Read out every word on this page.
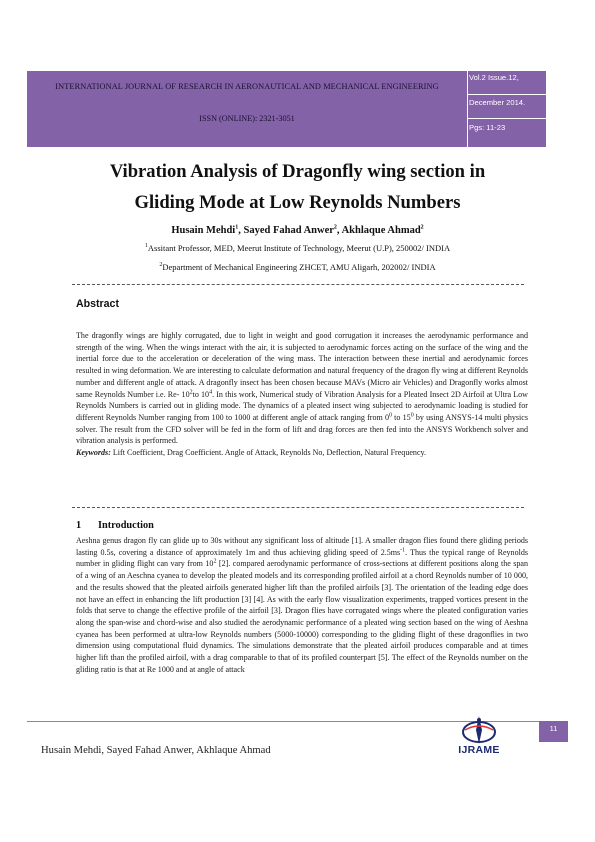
INTERNATIONAL JOURNAL OF RESEARCH IN AERONAUTICAL AND MECHANICAL ENGINEERING
ISSN (ONLINE): 2321-3051
Vol.2 Issue.12,
December 2014.
Pgs: 11-23
Vibration Analysis of Dragonfly wing section in
Gliding Mode at Low Reynolds Numbers
Husain Mehdi$^1$, Sayed Fahad Anwer$^2$, Akhlaque Ahmad$^2$
$^1$Assitant Professor, MED, Meerut Institute of Technology, Meerut (U.P), 250002/ INDIA
$^2$Department of Mechanical Engineering ZHCET, AMU Aligarh, 202002/ INDIA
Abstract

The dragonfly wings are highly corrugated, due to light in weight and good corrugation it increases the aerodynamic performance and strength of the wing. When the wings interact with the air, it is subjected to aerodynamic forces acting on the surface of the wing and the inertial force due to the acceleration or deceleration of the wing mass. The interaction between these inertial and aerodynamic forces resulted in wing deformation. We are interesting to calculate deformation and natural frequency of the dragon fly wing at different Reynolds number and different angle of attack. A dragonfly insect has been chosen because MAVs (Micro air Vehicles) and Dragonfly works almost same Reynolds Number i.e. Re- $10^2to$ $10^4$. In this work, Numerical study of Vibration Analysis for a Pleated Insect 2D Airfoil at Ultra Low Reynolds Numbers is carried out in gliding mode. The dynamics of a pleated insect wing subjected to aerodynamic loading is studied for different Reynolds Number ranging from 100 to 1000 at different angle of attack ranging from $0^0$ to $15^0$ by using ANSYS-14 multi physics solver. The result from the CFD solver will be fed in the form of lift and drag forces are then fed into the ANSYS Workbench solver and vibration analysis is performed.

Keywords: Lift Coefficient, Drag Coefficient. Angle of Attack, Reynolds No, Deflection, Natural Frequency.

1 Introduction

Aeshna genus dragon fly can glide up to 30s without any significant loss of altitude [1]. A smaller dragon flies found there gliding periods lasting 0.5s, covering a distance of approximately 1m and thus achieving gliding speed of $2.5ms^{-1}$. Thus the typical range of Reynolds number in gliding flight can vary from $10^2$ [2]. compared aerodynamic performance of cross-sections at different positions along the span of a wing of an Aeschna cyanea to develop the pleated models and its corresponding profiled airfoil at a chord Reynolds number of 10 000, and the results showed that the pleated airfoils generated higher lift than the profiled airfoils [3]. The orientation of the leading edge does not have an effect in enhancing the lift production [3] [4]. As with the early flow visualization experiments, trapped vortices present in the folds that serve to change the effective profile of the airfoil [3]. Dragon flies have corrugated wings where the pleated configuration varies along the span-wise and chord-wise and also studied the aerodynamic performance of a pleated wing section based on the wing of Aeshna cyanea has been performed at ultra-low Reynolds numbers (5000-10000) corresponding to the gliding flight of these dragonflies in two dimension using computational fluid dynamics. The simulations demonstrate that the pleated airfoil produces comparable and at times higher lift than the profiled airfoil, with a drag comparable to that of its profiled counterpart [5]. The effect of the Reynolds number on the gliding ratio is that at Re 1000 and at angle of attack

11
IJRAME
Husain Mehdi, Sayed Fahad Anwer, Akhlaque Ahmad
